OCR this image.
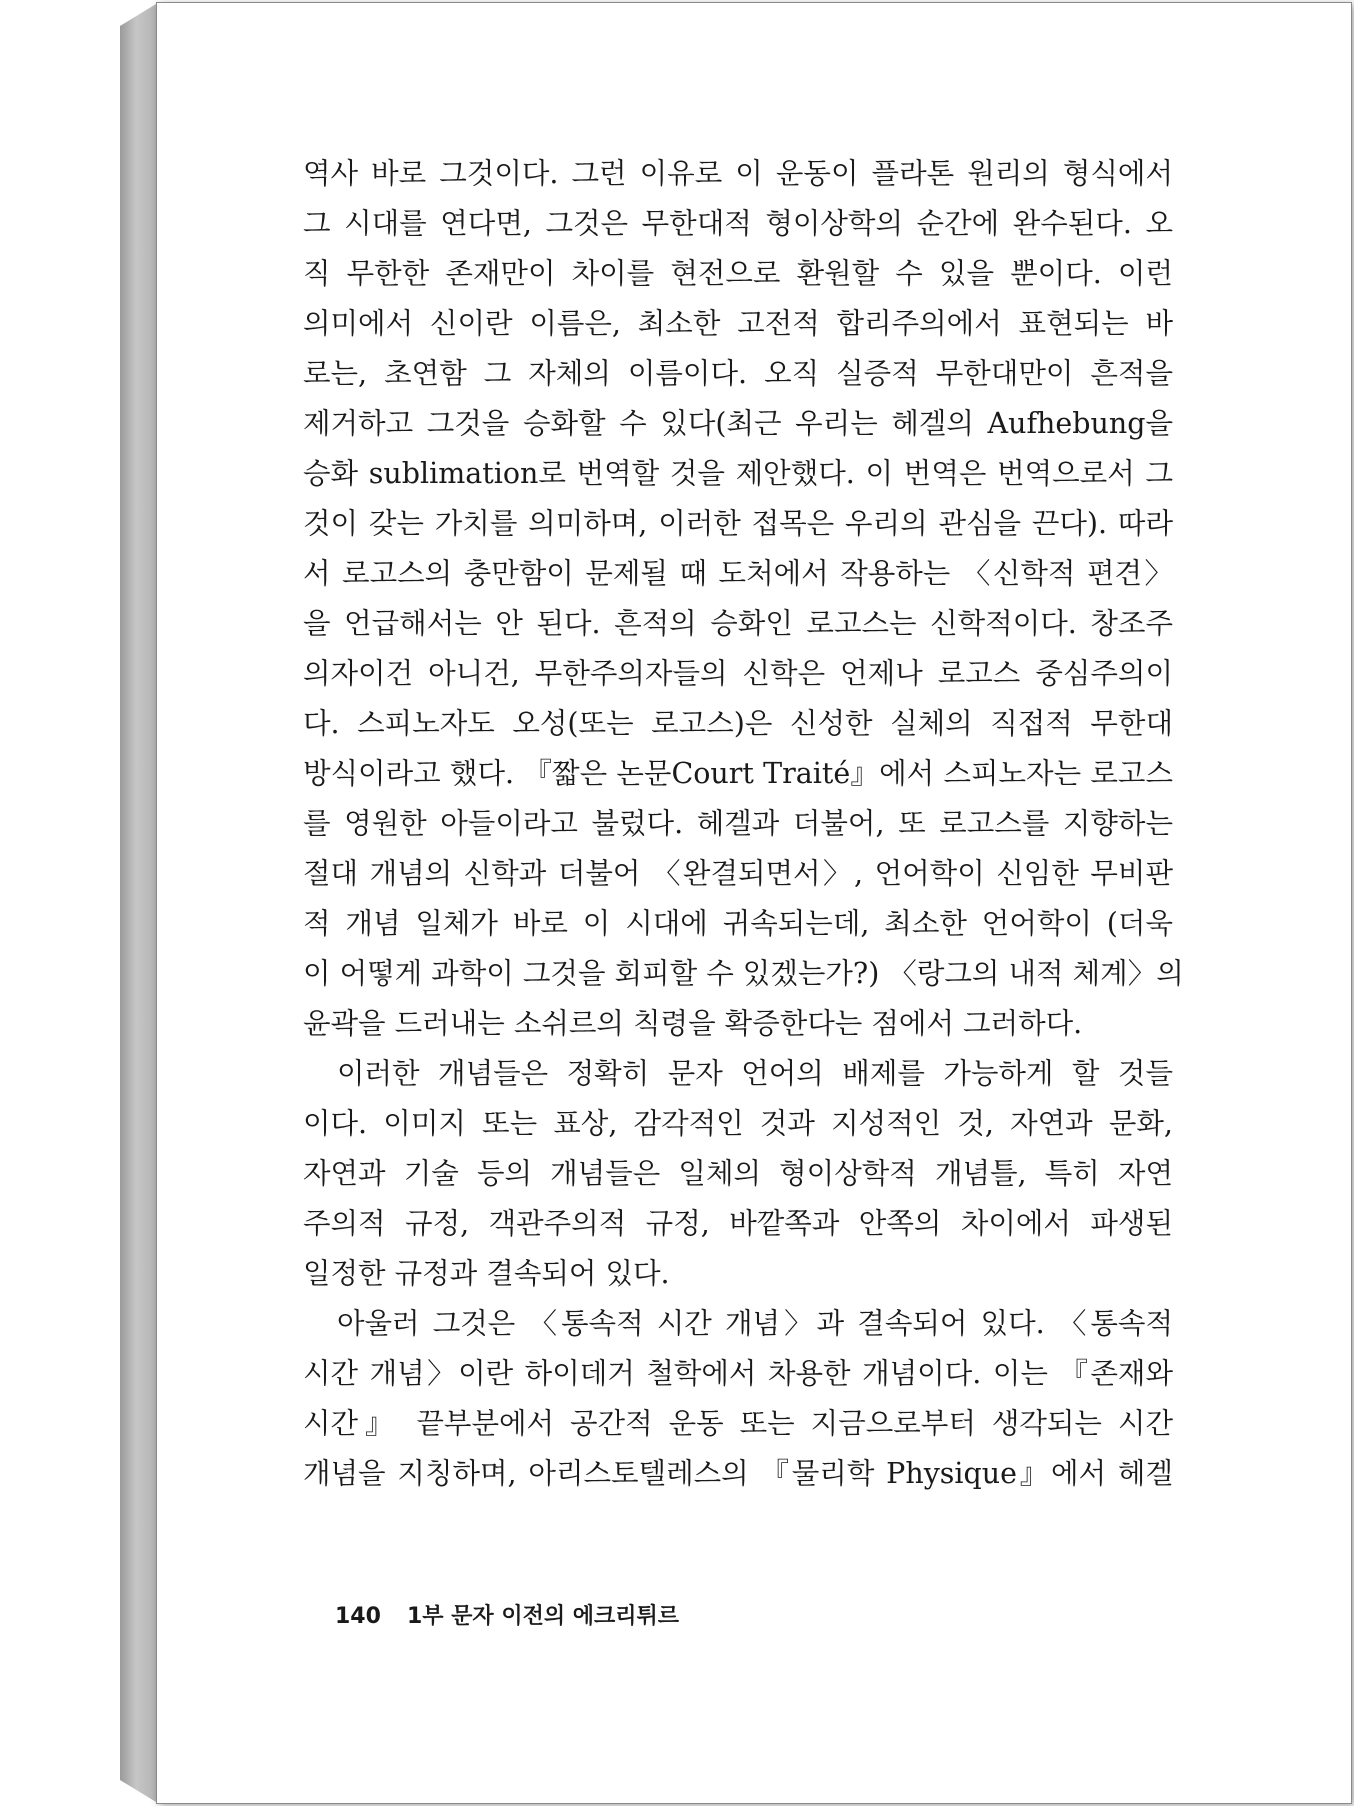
역사 바로 그것이다. 그런 이유로 이 운동이 플라톤 원리의 형식에서
그 시대를 연다면, 그것은 무한대적 형이상학의 순간에 완수된다. 오
직 무한한 존재만이 차이를 현전으로 환원할 수 있을 뿐이다. 이런
의미에서 신이란 이름은, 최소한 고전적 합리주의에서 표현되는 바
로는, 초연함 그 자체의 이름이다. 오직 실증적 무한대만이 흔적을
제거하고 그것을 승화할 수 있다(최근 우리는 헤겔의 Aufhebung을
승화 sublimation로 번역할 것을 제안했다. 이 번역은 번역으로서 그
것이 갖는 가치를 의미하며, 이러한 접목은 우리의 관심을 끈다). 따라
서 로고스의 충만함이 문제될 때 도처에서 작용하는 〈신학적 편견〉
을 언급해서는 안 된다. 흔적의 승화인 로고스는 신학적이다. 창조주
의자이건 아니건, 무한주의자들의 신학은 언제나 로고스 중심주의이
다. 스피노자도 오성(또는 로고스)은 신성한 실체의 직접적 무한대
방식이라고 했다. 『짧은 논문Court Traité』에서 스피노자는 로고스
를 영원한 아들이라고 불렀다. 헤겔과 더불어, 또 로고스를 지향하는
절대 개념의 신학과 더불어 〈완결되면서〉, 언어학이 신임한 무비판
적 개념 일체가 바로 이 시대에 귀속되는데, 최소한 언어학이 (더욱
이 어떻게 과학이 그것을 회피할 수 있겠는가?) 〈랑그의 내적 체계〉의
윤곽을 드러내는 소쉬르의 칙령을 확증한다는 점에서 그러하다.
이러한 개념들은 정확히 문자 언어의 배제를 가능하게 할 것들
이다. 이미지 또는 표상, 감각적인 것과 지성적인 것, 자연과 문화,
자연과 기술 등의 개념들은 일체의 형이상학적 개념틀, 특히 자연
주의적 규정, 객관주의적 규정, 바깥쪽과 안쪽의 차이에서 파생된
일정한 규정과 결속되어 있다.
아울러 그것은 〈통속적 시간 개념〉과 결속되어 있다. 〈통속적
시간 개념〉이란 하이데거 철학에서 차용한 개념이다. 이는 『존재와
시간』 끝부분에서 공간적 운동 또는 지금으로부터 생각되는 시간
개념을 지칭하며, 아리스토텔레스의 『물리학 Physique』에서 헤겔
140 1부 문자 이전의 에크리튀르
